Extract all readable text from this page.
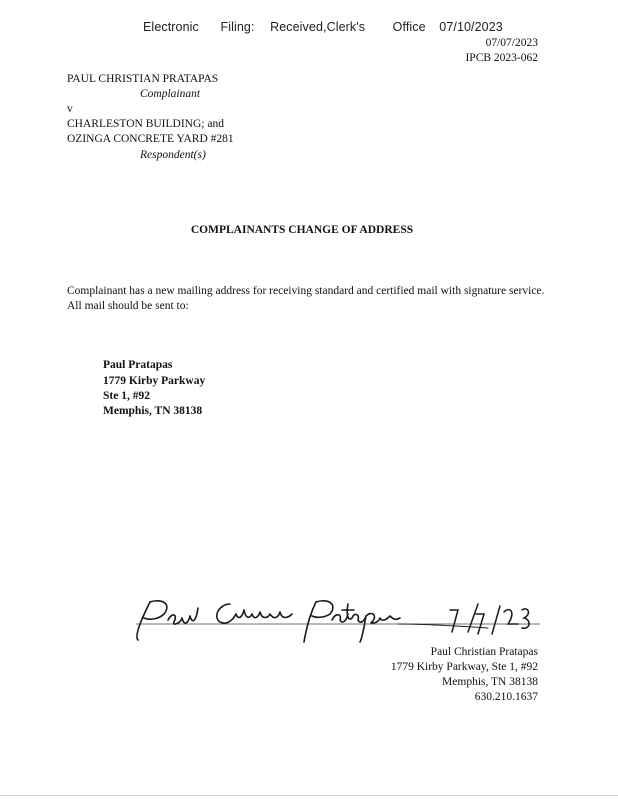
Electronic Filing: Received,Clerk's Office 07/10/2023
07/07/2023
IPCB 2023-062
PAUL CHRISTIAN PRATAPAS
Complainant
v
CHARLESTON BUILDING; and
OZINGA CONCRETE YARD #281
Respondent(s)
COMPLAINANTS CHANGE OF ADDRESS
Complainant has a new mailing address for receiving standard and certified mail with signature service. All mail should be sent to:
Paul Pratapas
1779 Kirby Parkway
Ste 1, #92
Memphis, TN 38138
Paul Christian Pratapas
1779 Kirby Parkway, Ste 1, #92
Memphis, TN 38138
630.210.1637
